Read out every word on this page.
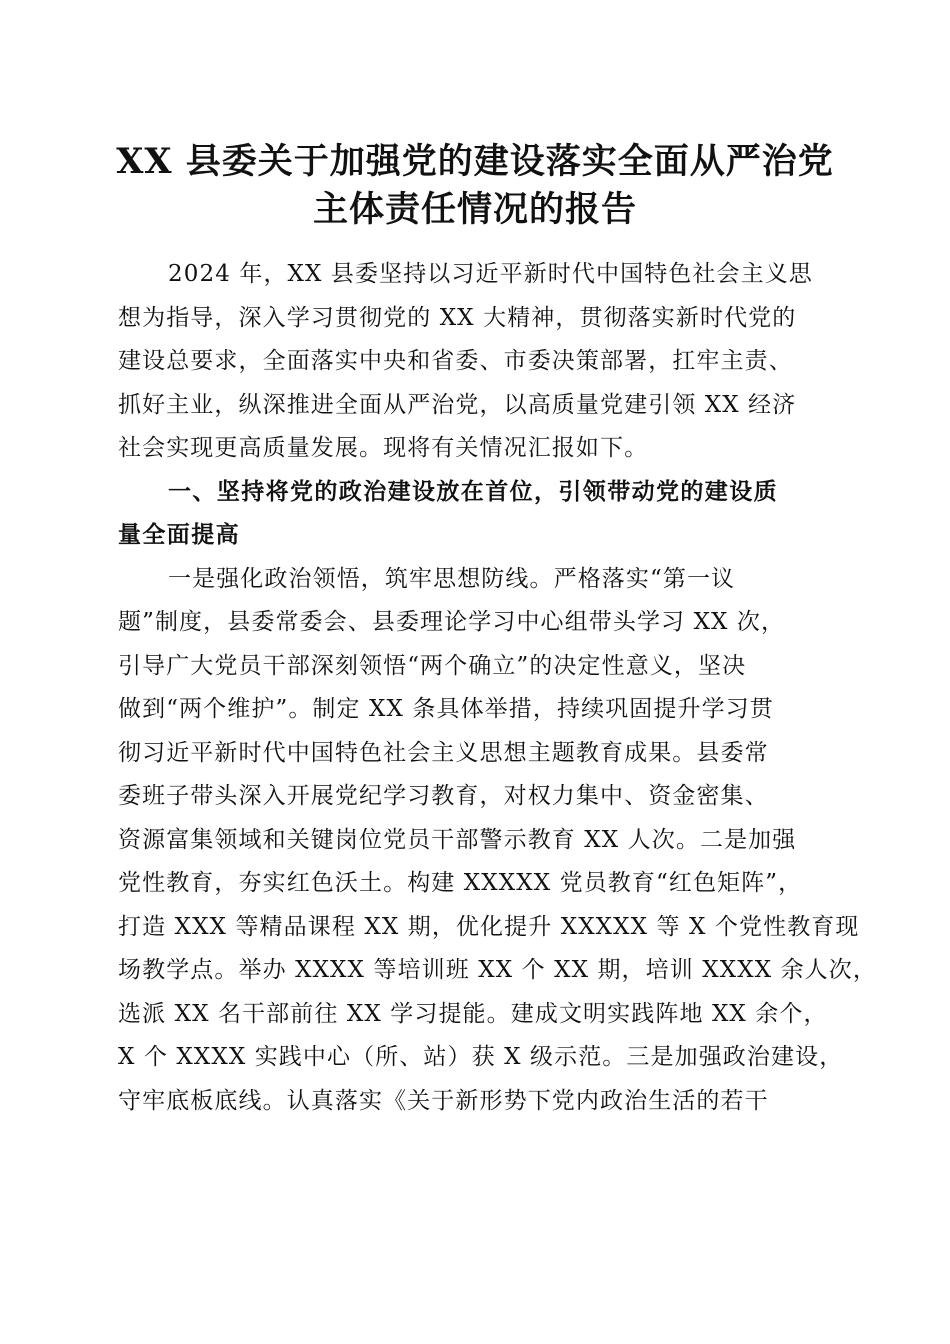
XX 县委关于加强党的建设落实全面从严治党
主体责任情况的报告

2024 年，XX 县委坚持以习近平新时代中国特色社会主义思
想为指导，深入学习贯彻党的 XX 大精神，贯彻落实新时代党的
建设总要求，全面落实中央和省委、市委决策部署，扛牢主责、
抓好主业，纵深推进全面从严治党，以高质量党建引领 XX 经济
社会实现更高质量发展。现将有关情况汇报如下。

一、坚持将党的政治建设放在首位，引领带动党的建设质
量全面提高

一是强化政治领悟，筑牢思想防线。严格落实“第一议
题”制度，县委常委会、县委理论学习中心组带头学习 XX 次，
引导广大党员干部深刻领悟“两个确立”的决定性意义，坚决
做到“两个维护”。制定 XX 条具体举措，持续巩固提升学习贯
彻习近平新时代中国特色社会主义思想主题教育成果。县委常
委班子带头深入开展党纪学习教育，对权力集中、资金密集、
资源富集领域和关键岗位党员干部警示教育 XX 人次。二是加强
党性教育，夯实红色沃土。构建 XXXXX 党员教育“红色矩阵”，
打造 XXX 等精品课程 XX 期，优化提升 XXXXX 等 X 个党性教育现
场教学点。举办 XXXX 等培训班 XX 个 XX 期，培训 XXXX 余人次，
选派 XX 名干部前往 XX 学习提能。建成文明实践阵地 XX 余个，
X 个 XXXX 实践中心（所、站）获 X 级示范。三是加强政治建设，
守牢底板底线。认真落实《关于新形势下党内政治生活的若干
